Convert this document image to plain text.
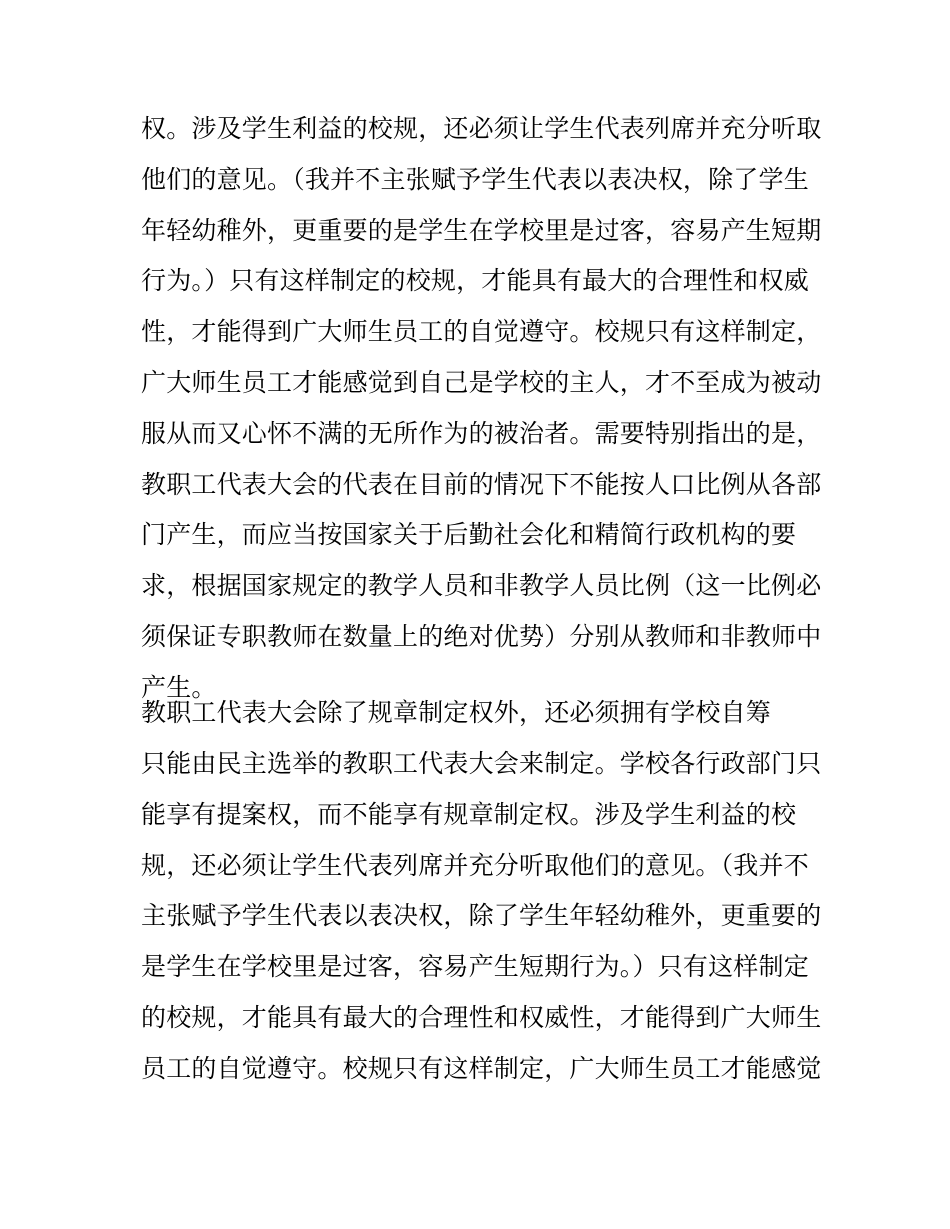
权。涉及学生利益的校规，还必须让学生代表列席并充分听取
他们的意见。（我并不主张赋予学生代表以表决权，除了学生
年轻幼稚外，更重要的是学生在学校里是过客，容易产生短期
行为。）只有这样制定的校规，才能具有最大的合理性和权威
性，才能得到广大师生员工的自觉遵守。校规只有这样制定，
广大师生员工才能感觉到自己是学校的主人，才不至成为被动
服从而又心怀不满的无所作为的被治者。需要特别指出的是，
教职工代表大会的代表在目前的情况下不能按人口比例从各部
门产生，而应当按国家关于后勤社会化和精简行政机构的要
求，根据国家规定的教学人员和非教学人员比例（这一比例必
须保证专职教师在数量上的绝对优势）分别从教师和非教师中
产生。
教职工代表大会除了规章制定权外，还必须拥有学校自筹
只能由民主选举的教职工代表大会来制定。学校各行政部门只
能享有提案权，而不能享有规章制定权。涉及学生利益的校
规，还必须让学生代表列席并充分听取他们的意见。（我并不
主张赋予学生代表以表决权，除了学生年轻幼稚外，更重要的
是学生在学校里是过客，容易产生短期行为。）只有这样制定
的校规，才能具有最大的合理性和权威性，才能得到广大师生
员工的自觉遵守。校规只有这样制定，广大师生员工才能感觉
